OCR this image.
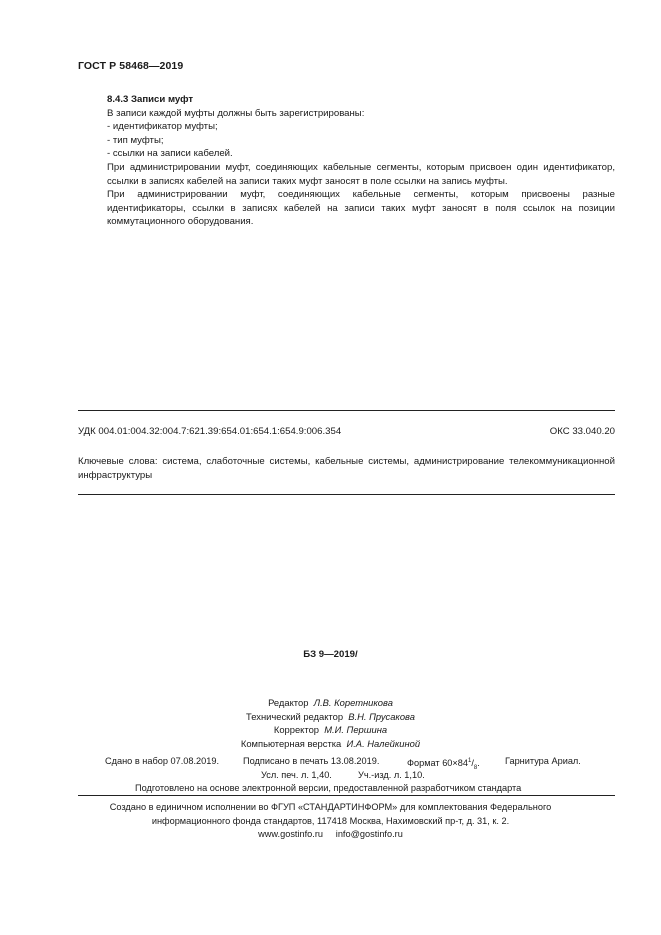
ГОСТ Р 58468—2019

8.4.3 Записи муфт

В записи каждой муфты должны быть зарегистрированы:

- идентификатор муфты;

- тип муфты;

- ссылки на записи кабелей.

При администрировании муфт, соединяющих кабельные сегменты, которым присвоен один идентификатор, ссылки в записях кабелей на записи таких муфт заносят в поле ссылки на запись муфты.

При администрировании муфт, соединяющих кабельные сегменты, которым присвоены разные идентификаторы, ссылки в записях кабелей на записи таких муфт заносят в поля ссылок на позиции коммутационного оборудования.

УДК 004.01:004.32:004.7:621.39:654.01:654.1:654.9:006.354	ОКС 33.040.20
Ключевые слова: система, слаботочные системы, кабельные системы, администрирование телекоммуникационной инфраструктуры
БЗ 9—2019/
Редактор Л.В. Коретникова
Технический редактор В.Н. Прусакова
Корректор М.И. Першина
Компьютерная верстка И.А. Налейкиной
Сдано в набор 07.08.2019.	Подписано в печать 13.08.2019.	Формат $60\times 84^1/_8$.	Гарнитура Ариал.
Усл. печ. л. 1,40.	Уч.-изд. л. 1,10.
Подготовлено на основе электронной версии, предоставленной разработчиком стандарта
Создано в единичном исполнении во ФГУП «СТАНДАРТИНФОРМ» для комплектования Федерального
информационного фонда стандартов, 117418 Москва, Нахимовский пр-т, д. 31, к. 2.
www.gostinfo.ru info@gostinfo.ru
